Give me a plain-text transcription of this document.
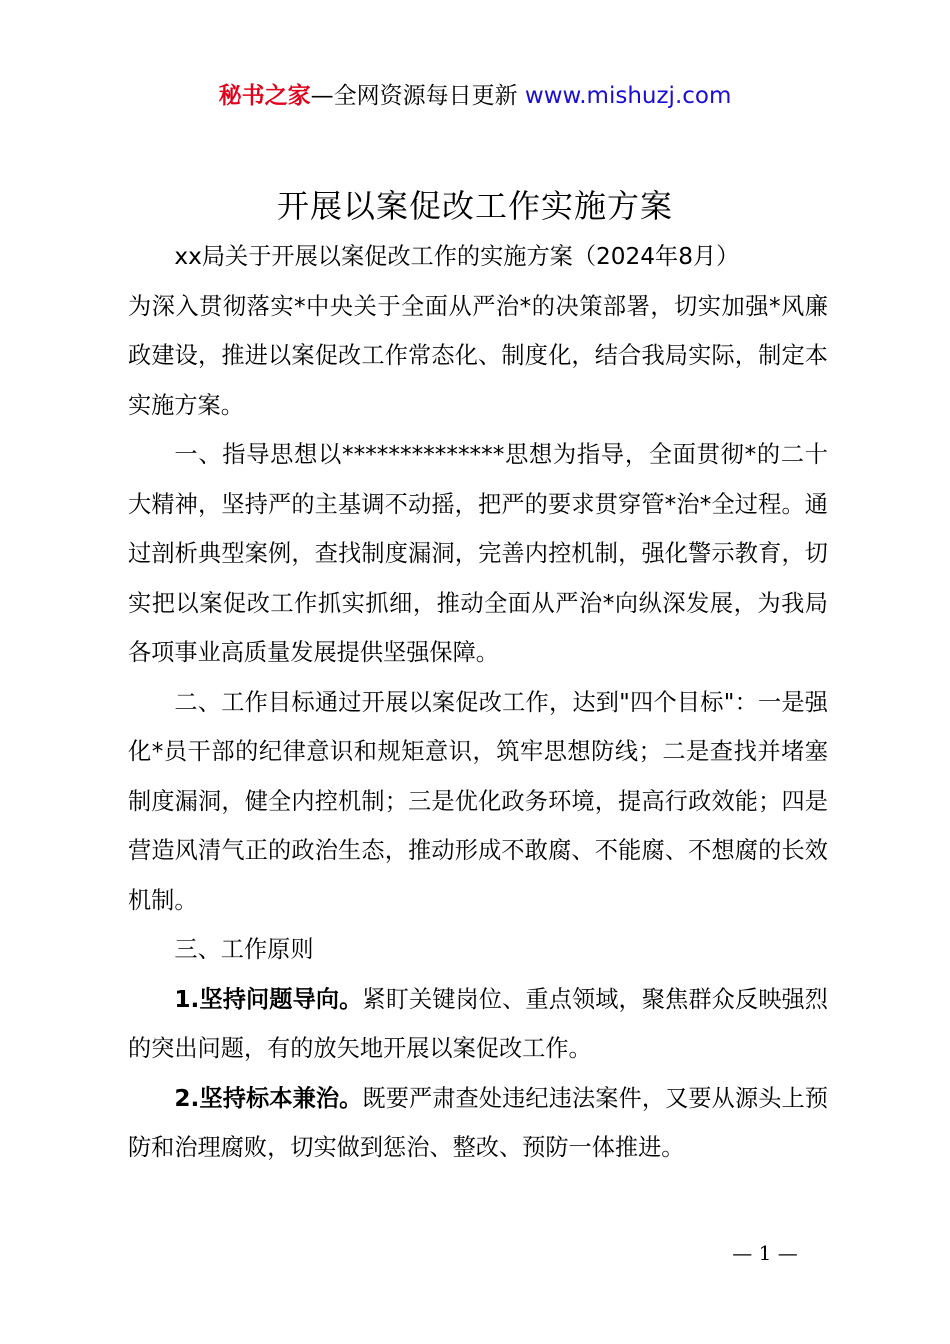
秘书之家—全网资源每日更新 www.mishuzj.com
开展以案促改工作实施方案

xx局关于开展以案促改工作的实施方案（2024年8月）

为深入贯彻落实*中央关于全面从严治*的决策部署，切实加强*风廉政建设，推进以案促改工作常态化、制度化，结合我局实际，制定本实施方案。

一、指导思想以**************思想为指导，全面贯彻*的二十大精神，坚持严的主基调不动摇，把严的要求贯穿管*治*全过程。通过剖析典型案例，查找制度漏洞，完善内控机制，强化警示教育，切实把以案促改工作抓实抓细，推动全面从严治*向纵深发展，为我局各项事业高质量发展提供坚强保障。

二、工作目标通过开展以案促改工作，达到"四个目标"：一是强化*员干部的纪律意识和规矩意识，筑牢思想防线；二是查找并堵塞制度漏洞，健全内控机制；三是优化政务环境，提高行政效能；四是营造风清气正的政治生态，推动形成不敢腐、不能腐、不想腐的长效机制。

三、工作原则

1.坚持问题导向。紧盯关键岗位、重点领域，聚焦群众反映强烈的突出问题，有的放矢地开展以案促改工作。

2.坚持标本兼治。既要严肃查处违纪违法案件，又要从源头上预防和治理腐败，切实做到惩治、整改、预防一体推进。

— 1 —
